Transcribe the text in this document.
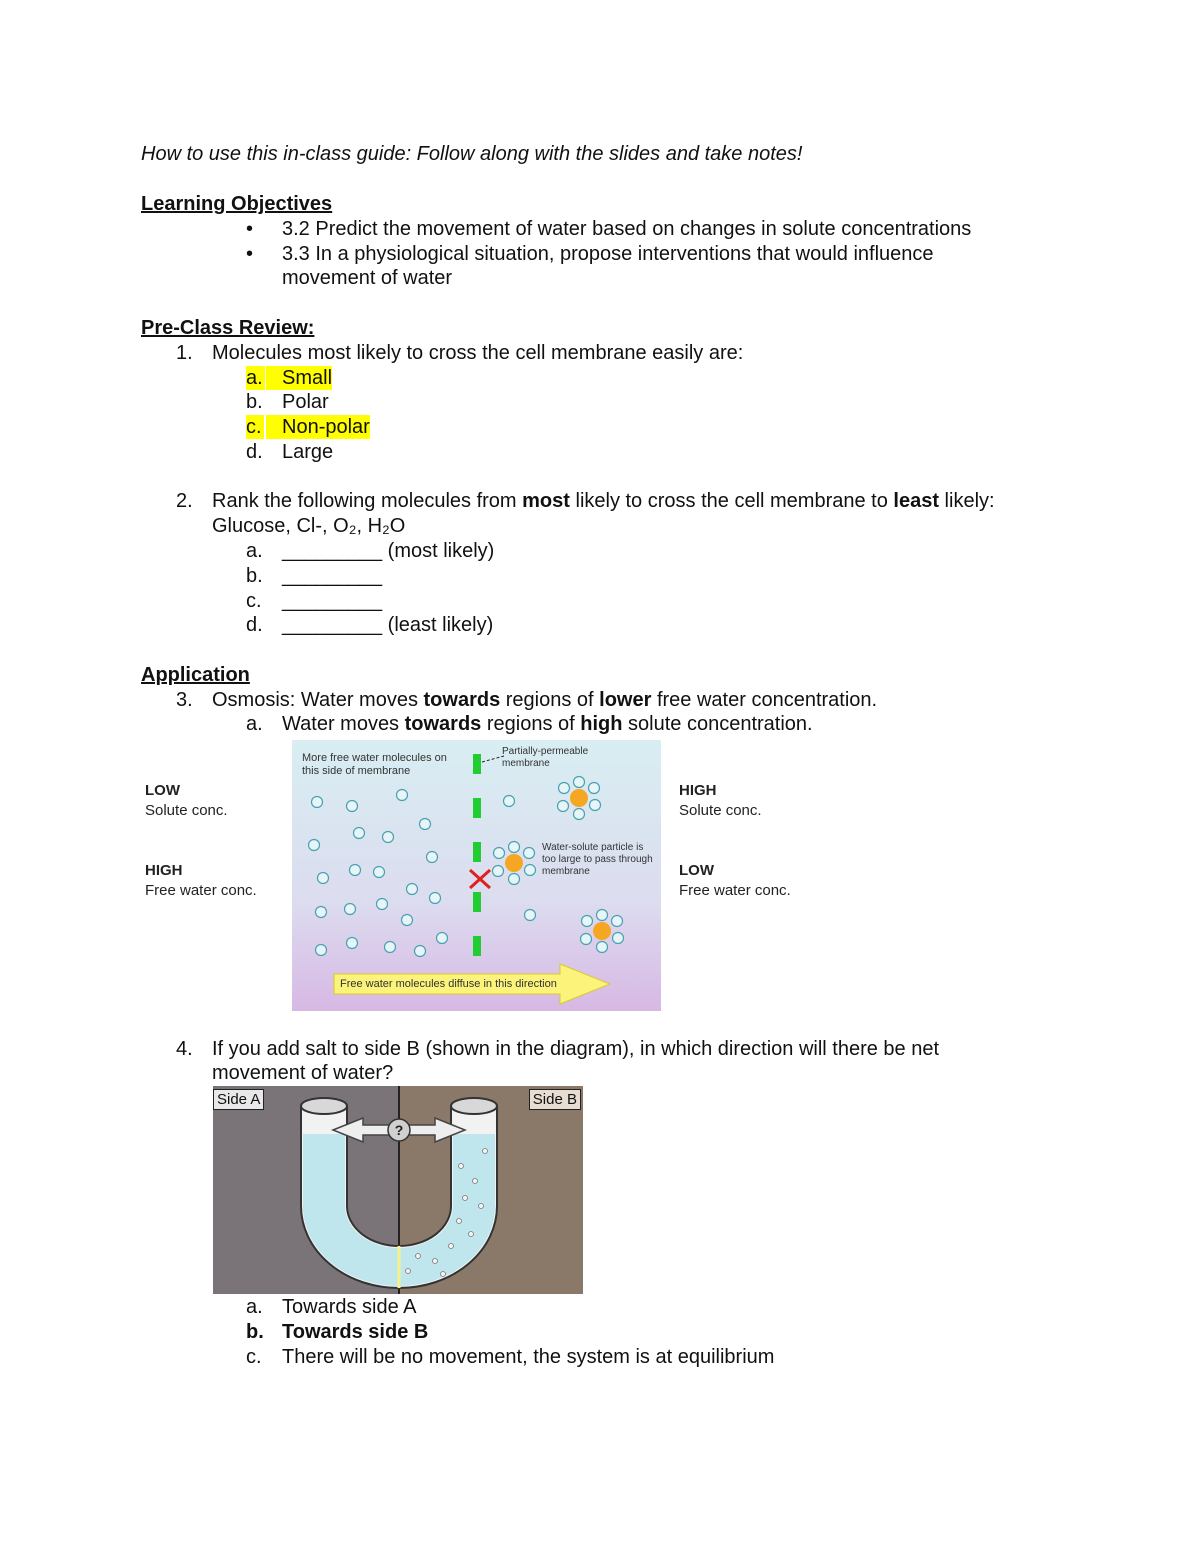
How to use this in-class guide: Follow along with the slides and take notes!
Learning Objectives
• 3.2 Predict the movement of water based on changes in solute concentrations
• 3.3 In a physiological situation, propose interventions that would influence
movement of water
Pre-Class Review:
1. Molecules most likely to cross the cell membrane easily are:
a. Small
b. Polar
c.	Non-polar
d. Large
2. Rank the following molecules from most likely to cross the cell membrane to least likely:
Glucose, Cl-, O₂, H₂O
a. _________ (most likely)
b. _________
c. _________
d. _________ (least likely)
Application
3. Osmosis: Water moves towards regions of lower free water concentration.
a. Water moves towards regions of high solute concentration.
LOW
Solute conc.
HIGH
Free water conc.
HIGH
Solute conc.
LOW
Free water conc.
More free water molecules on this side of membrane
Partially-permeable membrane
Water-solute particle is too large to pass through membrane
Free water molecules diffuse in this direction
4. If you add salt to side B (shown in the diagram), in which direction will there be net
movement of water?
Side A	Side B
?
a. Towards side A
b. Towards side B
c. There will be no movement, the system is at equilibrium
